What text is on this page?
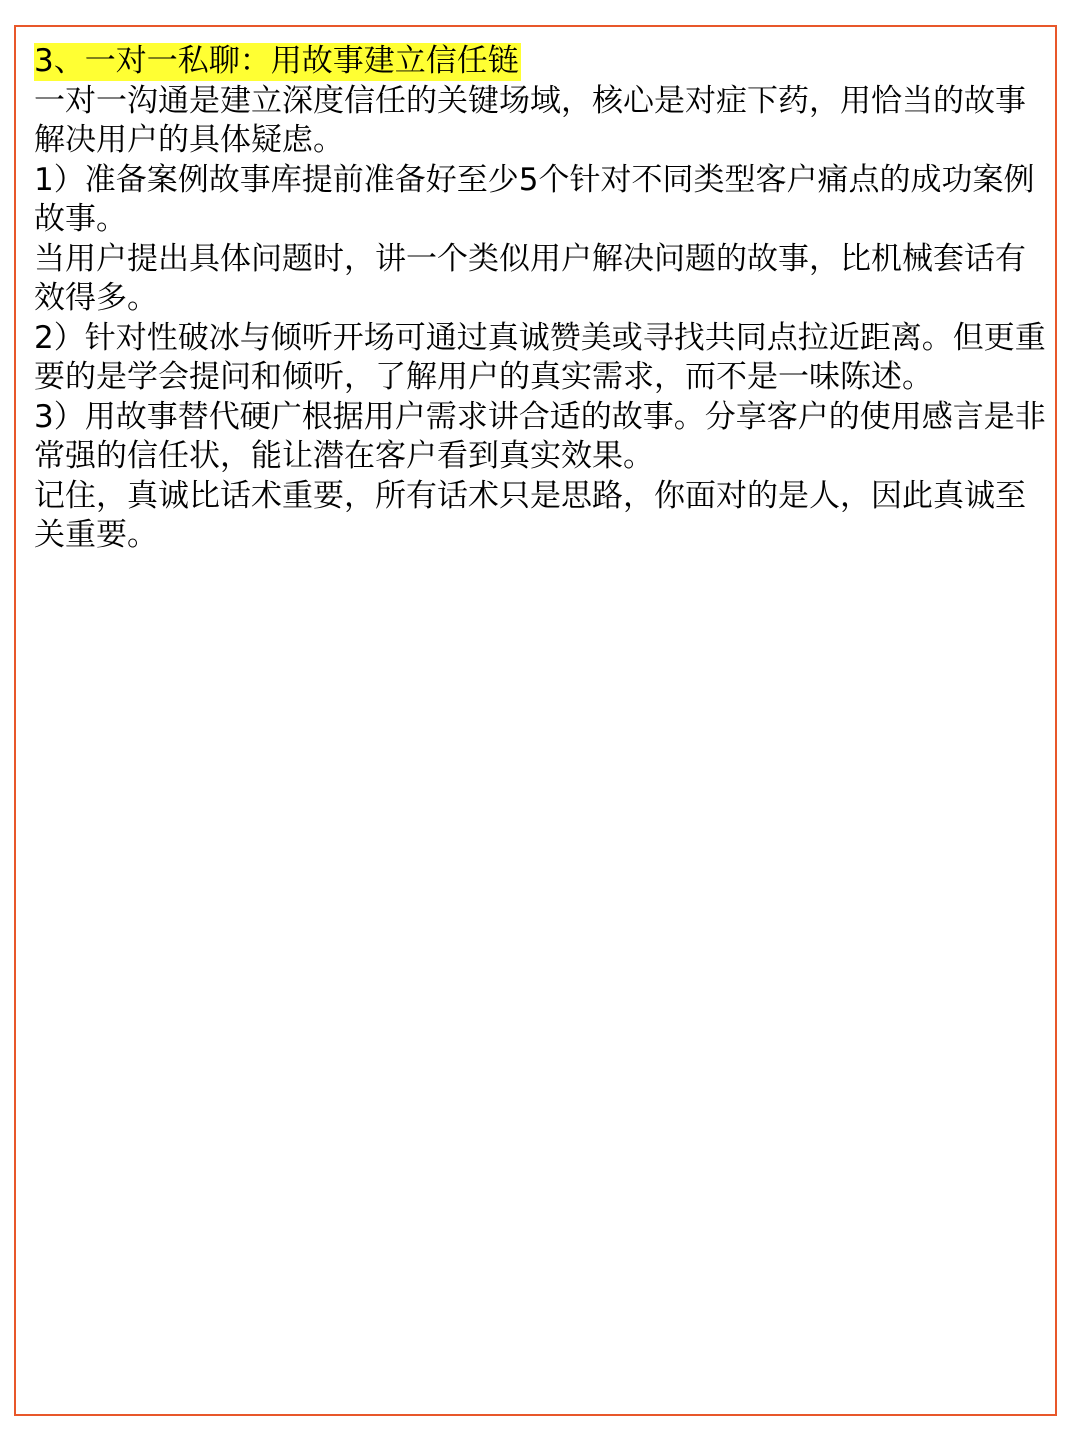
3、一对一私聊：用故事建立信任链

一对一沟通是建立深度信任的关键场域，核心是对症下药，用恰当的故事解决用户的具体疑虑。

1）准备案例故事库提前准备好至少5个针对不同类型客户痛点的成功案例故事。

当用户提出具体问题时，讲一个类似用户解决问题的故事，比机械套话有效得多。

2）针对性破冰与倾听开场可通过真诚赞美或寻找共同点拉近距离。但更重要的是学会提问和倾听，了解用户的真实需求，而不是一味陈述。

3）用故事替代硬广根据用户需求讲合适的故事。分享客户的使用感言是非常强的信任状，能让潜在客户看到真实效果。

记住，真诚比话术重要，所有话术只是思路，你面对的是人，因此真诚至关重要。
